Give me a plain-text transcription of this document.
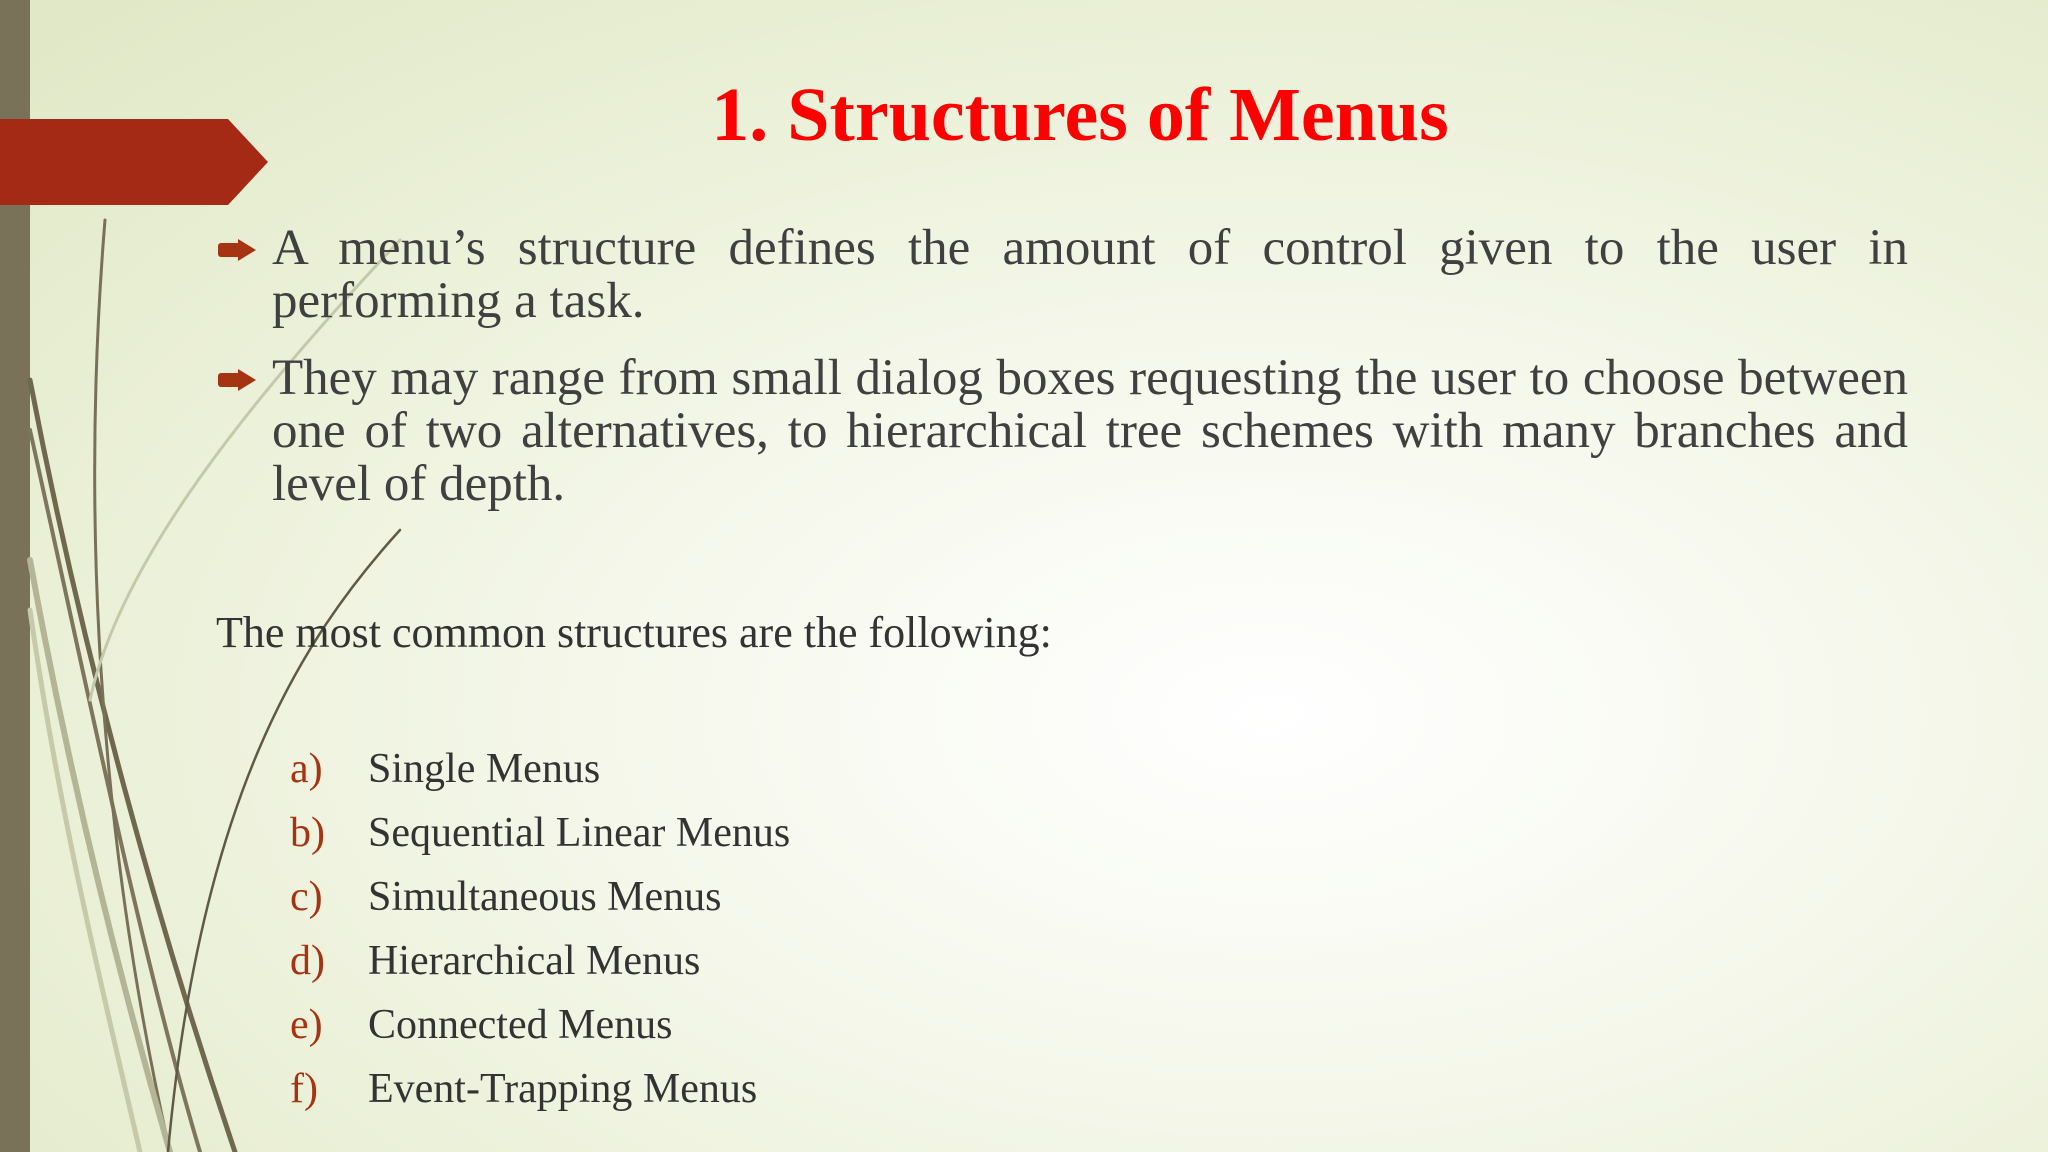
1. Structures of Menus
A menu’s structure defines the amount of control given to the user in performing a task.
They may range from small dialog boxes requesting the user to choose between one of two alternatives, to hierarchical tree schemes with many branches and level of depth.

The most common structures are the following:

a)	Single Menus
b)	Sequential Linear Menus
c)	Simultaneous Menus
d)	Hierarchical Menus
e)	Connected Menus
f)	Event-Trapping Menus
